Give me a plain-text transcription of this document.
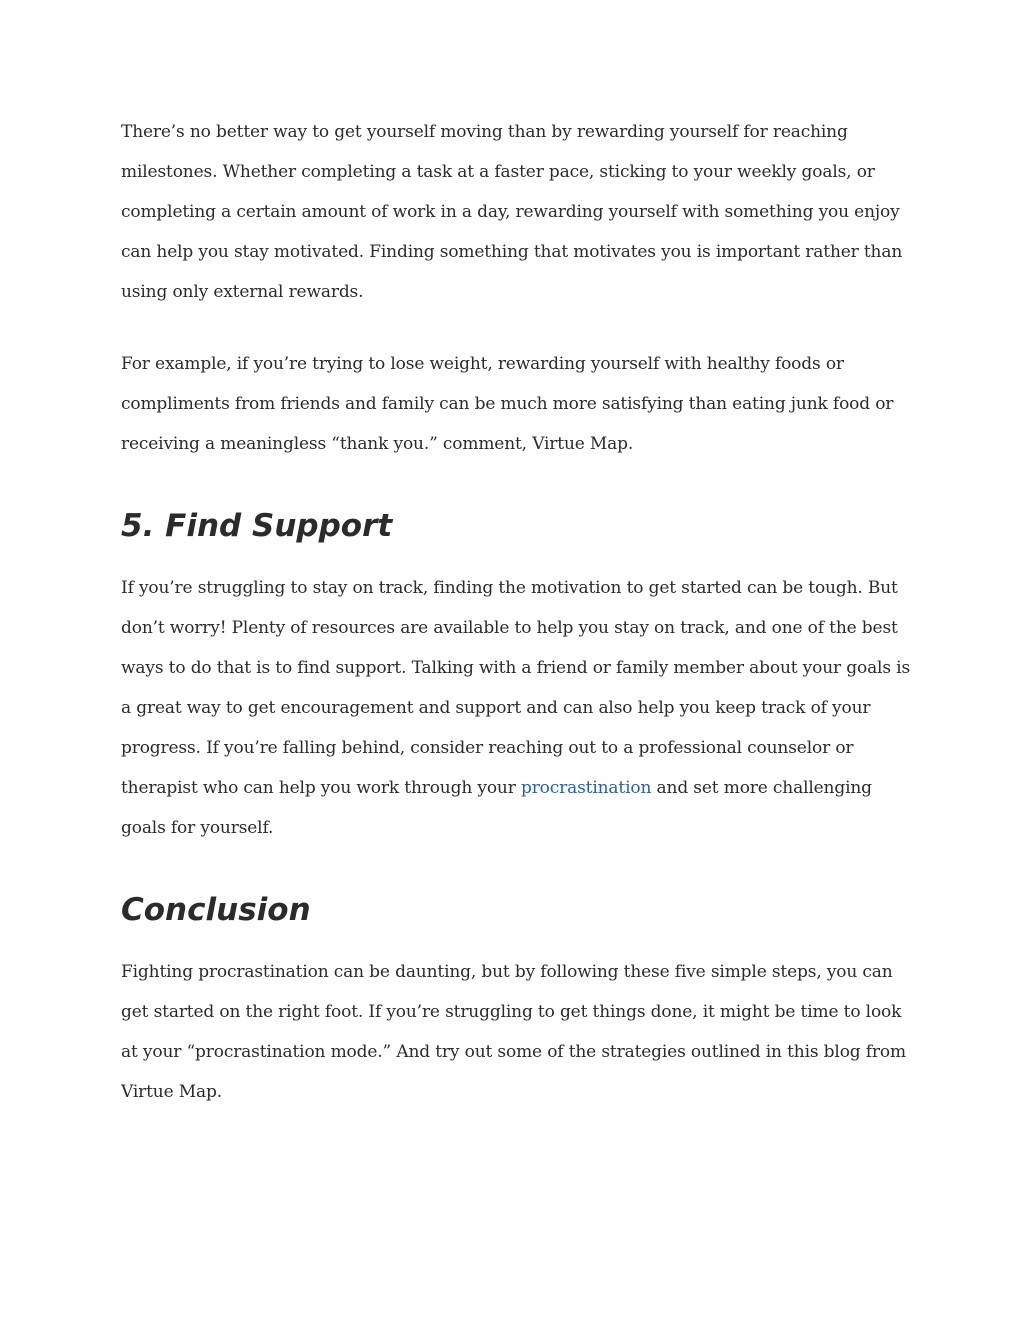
There’s no better way to get yourself moving than by rewarding yourself for reaching milestones. Whether completing a task at a faster pace, sticking to your weekly goals, or completing a certain amount of work in a day, rewarding yourself with something you enjoy can help you stay motivated. Finding something that motivates you is important rather than using only external rewards.

For example, if you’re trying to lose weight, rewarding yourself with healthy foods or compliments from friends and family can be much more satisfying than eating junk food or receiving a meaningless “thank you.” comment, Virtue Map.

5. Find Support

If you’re struggling to stay on track, finding the motivation to get started can be tough. But don’t worry! Plenty of resources are available to help you stay on track, and one of the best ways to do that is to find support. Talking with a friend or family member about your goals is a great way to get encouragement and support and can also help you keep track of your progress. If you’re falling behind, consider reaching out to a professional counselor or therapist who can help you work through your procrastination and set more challenging goals for yourself.

Conclusion

Fighting procrastination can be daunting, but by following these five simple steps, you can get started on the right foot. If you’re struggling to get things done, it might be time to look at your “procrastination mode.” And try out some of the strategies outlined in this blog from Virtue Map.
